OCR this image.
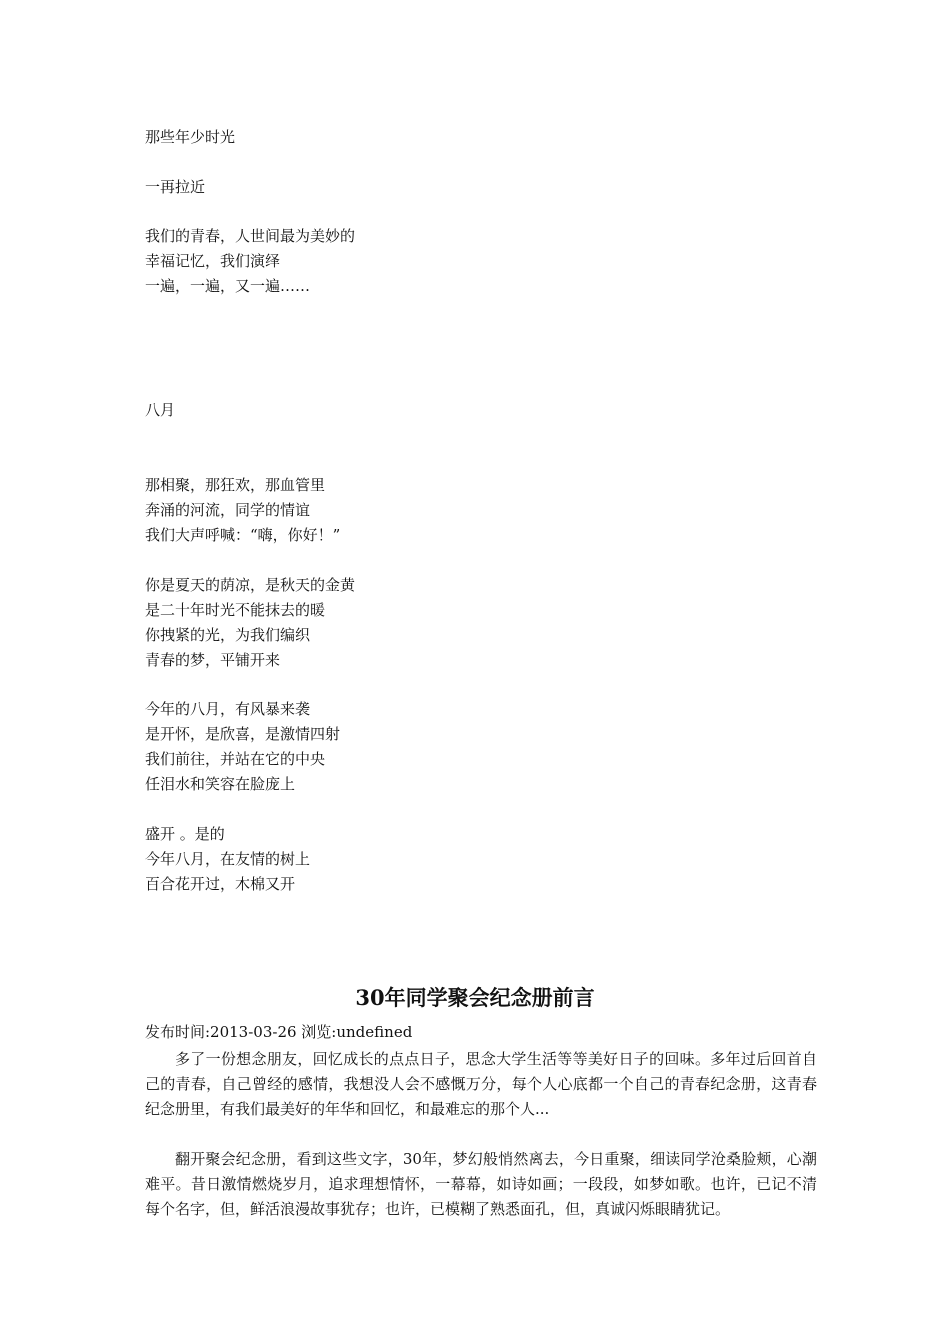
那些年少时光
一再拉近
我们的青春，人世间最为美妙的
幸福记忆，我们演绎
一遍，一遍，又一遍……
八月
那相聚，那狂欢，那血管里
奔涌的河流，同学的情谊
我们大声呼喊：“嗨，你好！”
你是夏天的荫凉，是秋天的金黄
是二十年时光不能抹去的暖
你拽紧的光，为我们编织
青春的梦，平铺开来
今年的八月，有风暴来袭
是开怀，是欣喜，是激情四射
我们前往，并站在它的中央
任泪水和笑容在脸庞上
盛开 。是的
今年八月，在友情的树上
百合花开过，木棉又开
30年同学聚会纪念册前言
发布时间:2013-03-26 浏览:undefined

多了一份想念朋友，回忆成长的点点日子，思念大学生活等等美好日子的回味。多年过后回首自己的青春，自己曾经的感情，我想没人会不感慨万分，每个人心底都一个自己的青春纪念册，这青春纪念册里，有我们最美好的年华和回忆，和最难忘的那个人...

翻开聚会纪念册，看到这些文字，30年，梦幻般悄然离去，今日重聚，细读同学沧桑脸颊，心潮难平。昔日激情燃烧岁月，追求理想情怀，一幕幕，如诗如画；一段段，如梦如歌。也许，已记不清每个名字，但，鲜活浪漫故事犹存；也许，已模糊了熟悉面孔，但，真诚闪烁眼睛犹记。
